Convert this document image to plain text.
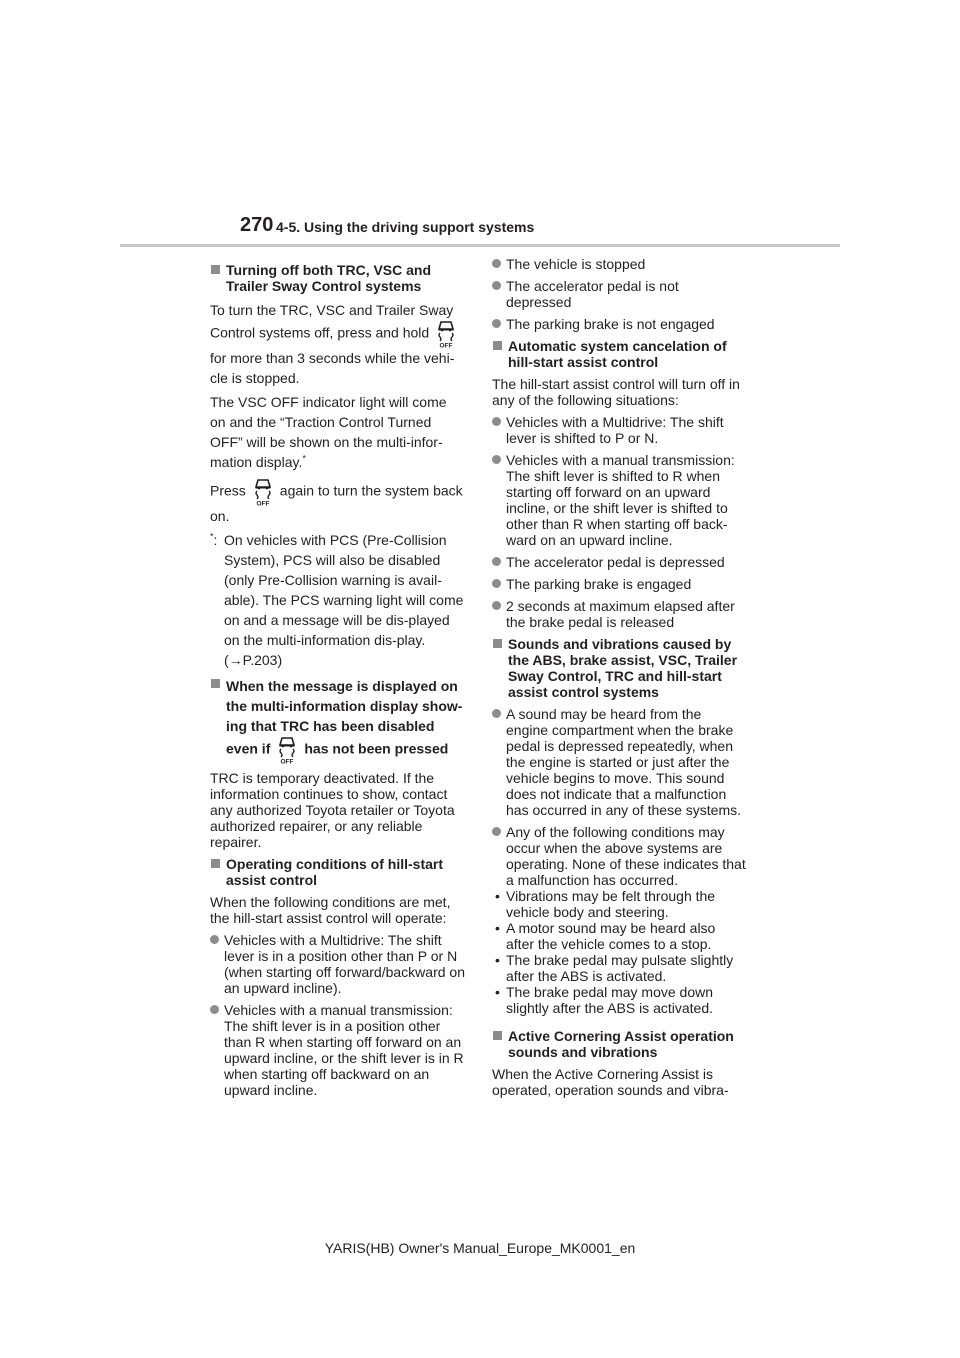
270 4-5. Using the driving support systems
Turning off both TRC, VSC and Trailer Sway Control systems
To turn the TRC, VSC and Trailer Sway Control systems off, press and hold
OFF
for more than 3 seconds while the vehi-cle is stopped.
The VSC OFF indicator light will come on and the “Traction Control Turned OFF” will be shown on the multi-infor-mation display.*
Press
OFF
again to turn the system back on.
*: On vehicles with PCS (Pre-Collision System), PCS will also be disabled (only Pre-Collision warning is avail-able). The PCS warning light will come on and a message will be dis-played on the multi-information dis-play. (→P.203)
When the message is displayed on the multi-information display show-ing that TRC has been disabled even if
OFF
has not been pressed
TRC is temporary deactivated. If the information continues to show, contact any authorized Toyota retailer or Toyota authorized repairer, or any reliable repairer.
Operating conditions of hill-start assist control
When the following conditions are met, the hill-start assist control will operate:
Vehicles with a Multidrive: The shift lever is in a position other than P or N (when starting off forward/backward on an upward incline).
Vehicles with a manual transmission: The shift lever is in a position other than R when starting off forward on an upward incline, or the shift lever is in R when starting off backward on an upward incline.
The vehicle is stopped
The accelerator pedal is not depressed
The parking brake is not engaged
Automatic system cancelation of hill-start assist control
The hill-start assist control will turn off in any of the following situations:
Vehicles with a Multidrive: The shift lever is shifted to P or N.
Vehicles with a manual transmission: The shift lever is shifted to R when starting off forward on an upward incline, or the shift lever is shifted to other than R when starting off back-ward on an upward incline.
The accelerator pedal is depressed
The parking brake is engaged
2 seconds at maximum elapsed after the brake pedal is released
Sounds and vibrations caused by the ABS, brake assist, VSC, Trailer Sway Control, TRC and hill-start assist control systems
A sound may be heard from the engine compartment when the brake pedal is depressed repeatedly, when the engine is started or just after the vehicle begins to move. This sound does not indicate that a malfunction has occurred in any of these systems.
Any of the following conditions may occur when the above systems are operating. None of these indicates that a malfunction has occurred.
• Vibrations may be felt through the vehicle body and steering.
• A motor sound may be heard also after the vehicle comes to a stop.
• The brake pedal may pulsate slightly after the ABS is activated.
• The brake pedal may move down slightly after the ABS is activated.
Active Cornering Assist operation sounds and vibrations
When the Active Cornering Assist is operated, operation sounds and vibra-
YARIS(HB) Owner's Manual_Europe_MK0001_en
